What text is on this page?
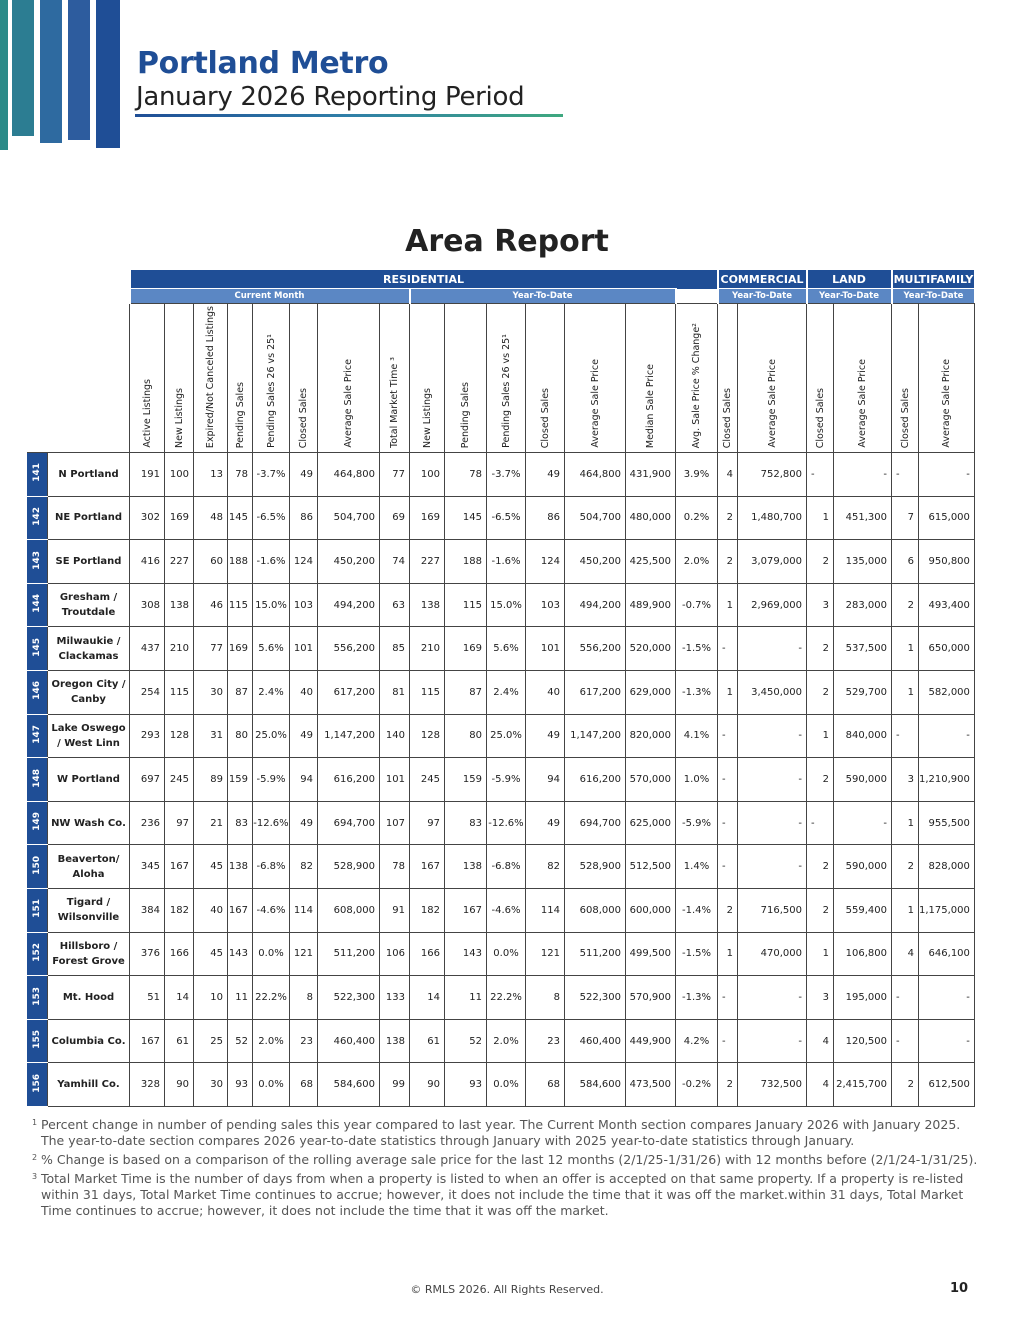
Portland Metro
January 2026 Reporting Period
Area Report
		RESIDENTIAL															COMMERCIAL		LAND		MULTIFAMILY	
		Current Month								Year-To-Date							Year-To-Date		Year-To-Date		Year-To-Date	

		Active Listings	New Listings	Expired/Not Canceled Listings	Pending Sales	Pending Sales 26 vs 25¹	Closed Sales	Average Sale Price	Total Market Time ³	New Listings	Pending Sales	Pending Sales 26 vs 25¹	Closed Sales	Average Sale Price	Median Sale Price	Avg. Sale Price % Change²	Closed Sales	Average Sale Price	Closed Sales	Average Sale Price	Closed Sales	Average Sale Price

141	N Portland	191	100	13	78	-3.7%	49	464,800	77	100	78	-3.7%	49	464,800	431,900	3.9%	4	752,800	-	-	-	-
142	NE Portland	302	169	48	145	-6.5%	86	504,700	69	169	145	-6.5%	86	504,700	480,000	0.2%	2	1,480,700	1	451,300	7	615,000
143	SE Portland	416	227	60	188	-1.6%	124	450,200	74	227	188	-1.6%	124	450,200	425,500	2.0%	2	3,079,000	2	135,000	6	950,800
144	Gresham / Troutdale	308	138	46	115	15.0%	103	494,200	63	138	115	15.0%	103	494,200	489,900	-0.7%	1	2,969,000	3	283,000	2	493,400
145	Milwaukie / Clackamas	437	210	77	169	5.6%	101	556,200	85	210	169	5.6%	101	556,200	520,000	-1.5%	-	-	2	537,500	1	650,000
146	Oregon City / Canby	254	115	30	87	2.4%	40	617,200	81	115	87	2.4%	40	617,200	629,000	-1.3%	1	3,450,000	2	529,700	1	582,000
147	Lake Oswego / West Linn	293	128	31	80	25.0%	49	1,147,200	140	128	80	25.0%	49	1,147,200	820,000	4.1%	-	-	1	840,000	-	-
148	W Portland	697	245	89	159	-5.9%	94	616,200	101	245	159	-5.9%	94	616,200	570,000	1.0%	-	-	2	590,000	3	1,210,900
149	NW Wash Co.	236	97	21	83	-12.6%	49	694,700	107	97	83	-12.6%	49	694,700	625,000	-5.9%	-	-	-	-	1	955,500
150	Beaverton/ Aloha	345	167	45	138	-6.8%	82	528,900	78	167	138	-6.8%	82	528,900	512,500	1.4%	-	-	2	590,000	2	828,000
151	Tigard / Wilsonville	384	182	40	167	-4.6%	114	608,000	91	182	167	-4.6%	114	608,000	600,000	-1.4%	2	716,500	2	559,400	1	1,175,000
152	Hillsboro / Forest Grove	376	166	45	143	0.0%	121	511,200	106	166	143	0.0%	121	511,200	499,500	-1.5%	1	470,000	1	106,800	4	646,100
153	Mt. Hood	51	14	10	11	22.2%	8	522,300	133	14	11	22.2%	8	522,300	570,900	-1.3%	-	-	3	195,000	-	-
155	Columbia Co.	167	61	25	52	2.0%	23	460,400	138	61	52	2.0%	23	460,400	449,900	4.2%	-	-	4	120,500	-	-
156	Yamhill Co.	328	90	30	93	0.0%	68	584,600	99	90	93	0.0%	68	584,600	473,500	-0.2%	2	732,500	4	2,415,700	2	612,500
1 Percent change in number of pending sales this year compared to last year. The Current Month section compares January 2026 with January 2025. The year-to-date section compares 2026 year-to-date statistics through January with 2025 year-to-date statistics through January.
2 % Change is based on a comparison of the rolling average sale price for the last 12 months (2/1/25-1/31/26) with 12 months before (2/1/24-1/31/25).
3 Total Market Time is the number of days from when a property is listed to when an offer is accepted on that same property. If a property is re-listed within 31 days, Total Market Time continues to accrue; however, it does not include the time that it was off the market.within 31 days, Total Market Time continues to accrue; however, it does not include the time that it was off the market.
© RMLS 2026. All Rights Reserved.	10
